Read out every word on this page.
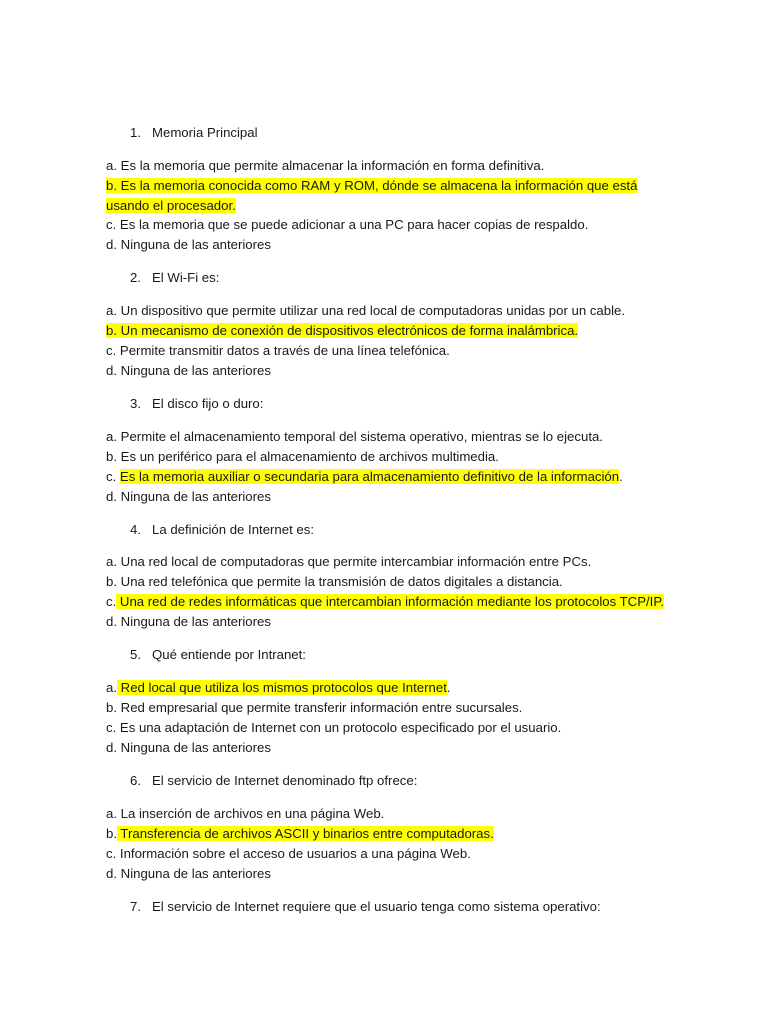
1. Memoria Principal
a. Es la memoria que permite almacenar la información en forma definitiva.
b. Es la memoria conocida como RAM y ROM, dónde se almacena la información que está usando el procesador.
c. Es la memoria que se puede adicionar a una PC para hacer copias de respaldo.
d. Ninguna de las anteriores
2. El Wi-Fi es:
a. Un dispositivo que permite utilizar una red local de computadoras unidas por un cable.
b. Un mecanismo de conexión de dispositivos electrónicos de forma inalámbrica.
c. Permite transmitir datos a través de una línea telefónica.
d. Ninguna de las anteriores
3. El disco fijo o duro:
a. Permite el almacenamiento temporal del sistema operativo, mientras se lo ejecuta.
b. Es un periférico para el almacenamiento de archivos multimedia.
c. Es la memoria auxiliar o secundaria para almacenamiento definitivo de la información.
d. Ninguna de las anteriores
4. La definición de Internet es:
a. Una red local de computadoras que permite intercambiar información entre PCs.
b. Una red telefónica que permite la transmisión de datos digitales a distancia.
c. Una red de redes informáticas que intercambian información mediante los protocolos TCP/IP.
d. Ninguna de las anteriores
5. Qué entiende por Intranet:
a. Red local que utiliza los mismos protocolos que Internet.
b. Red empresarial que permite transferir información entre sucursales.
c. Es una adaptación de Internet con un protocolo especificado por el usuario.
d. Ninguna de las anteriores
6. El servicio de Internet denominado ftp ofrece:
a. La inserción de archivos en una página Web.
b. Transferencia de archivos ASCII y binarios entre computadoras.
c. Información sobre el acceso de usuarios a una página Web.
d. Ninguna de las anteriores
7. El servicio de Internet requiere que el usuario tenga como sistema operativo:
